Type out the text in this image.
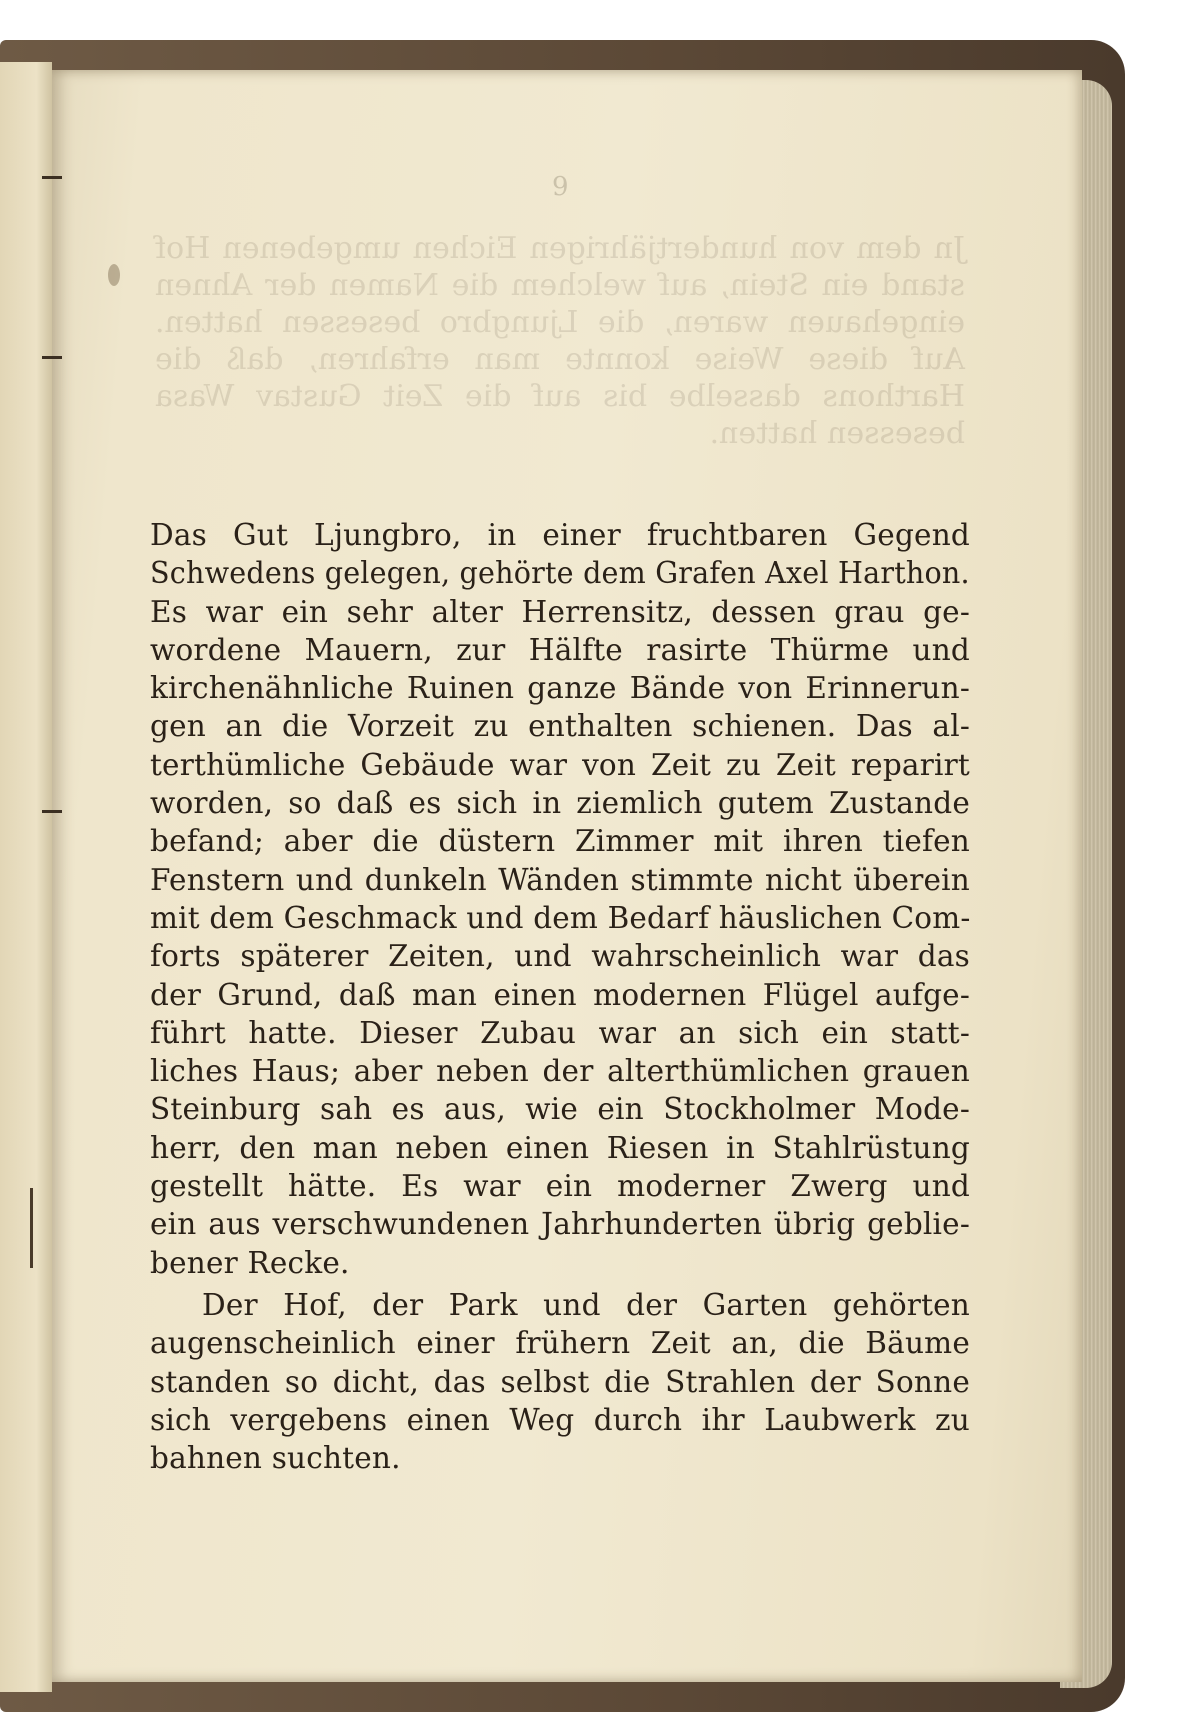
9
Jn dem von hundertjährigen Eichen umgebenen Hof stand ein Stein, auf welchem die Namen der Ahnen eingehauen waren, die Ljungbro besessen hatten. Auf diese Weise konnte man erfahren, daß die Harthons dasselbe bis auf die Zeit Gustav Wasa besessen hatten.
Das Gut Ljungbro, in einer fruchtbaren Gegend
Schwedens gelegen, gehörte dem Grafen Axel Harthon.
Es war ein sehr alter Herrensitz, dessen grau ge-
wordene Mauern, zur Hälfte rasirte Thürme und
kirchenähnliche Ruinen ganze Bände von Erinnerun-
gen an die Vorzeit zu enthalten schienen. Das al-
terthümliche Gebäude war von Zeit zu Zeit reparirt
worden, so daß es sich in ziemlich gutem Zustande
befand; aber die düstern Zimmer mit ihren tiefen
Fenstern und dunkeln Wänden stimmte nicht überein
mit dem Geschmack und dem Bedarf häuslichen Com-
forts späterer Zeiten, und wahrscheinlich war das
der Grund, daß man einen modernen Flügel aufge-
führt hatte. Dieser Zubau war an sich ein statt-
liches Haus; aber neben der alterthümlichen grauen
Steinburg sah es aus, wie ein Stockholmer Mode-
herr, den man neben einen Riesen in Stahlrüstung
gestellt hätte. Es war ein moderner Zwerg und
ein aus verschwundenen Jahrhunderten übrig geblie-
bener Recke.
Der Hof, der Park und der Garten gehörten
augenscheinlich einer frühern Zeit an, die Bäume
standen so dicht, das selbst die Strahlen der Sonne
sich vergebens einen Weg durch ihr Laubwerk zu
bahnen suchten.
